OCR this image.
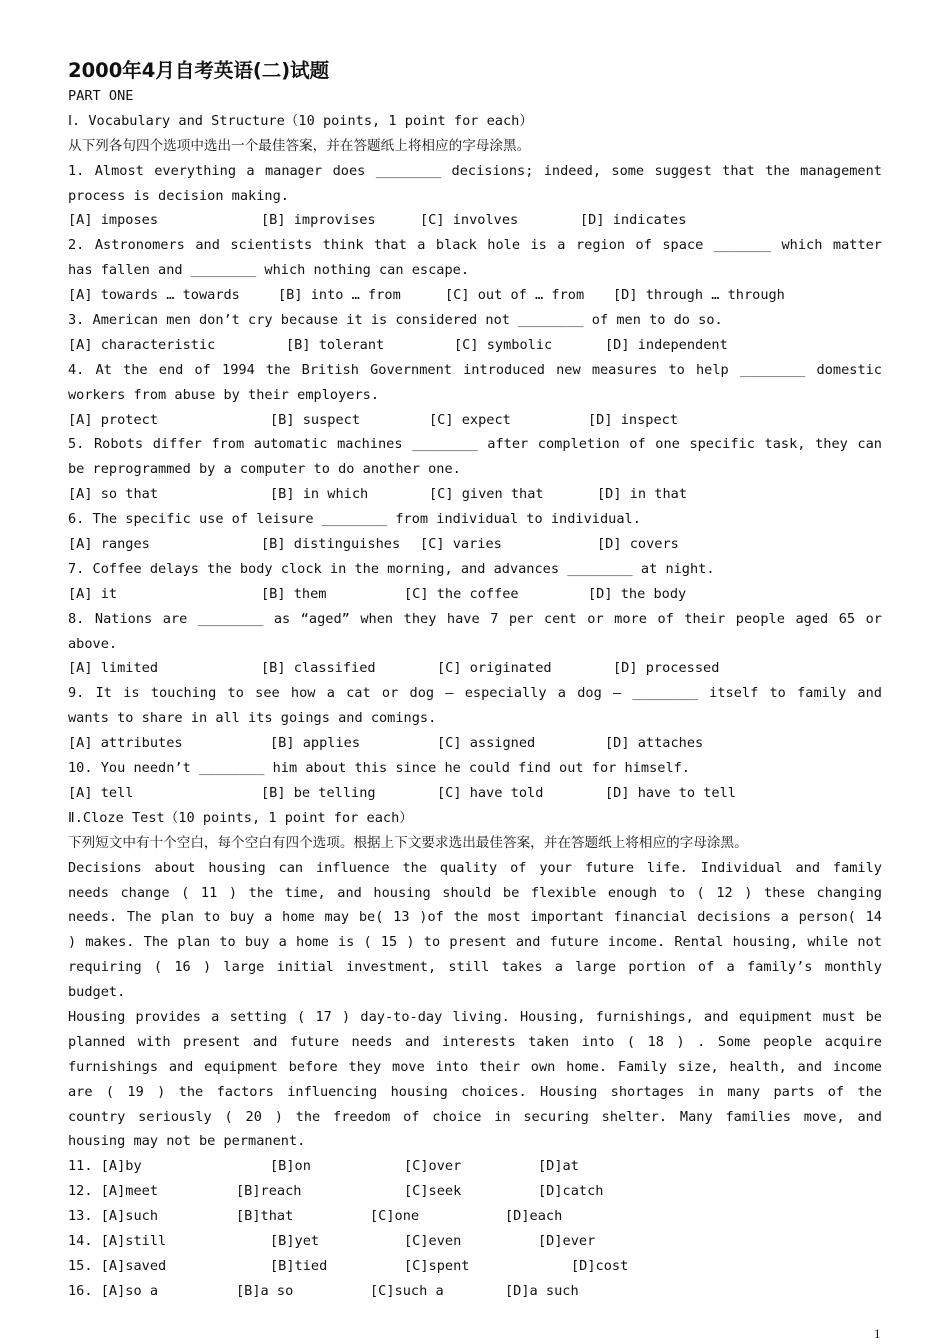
2000年4月自考英语(二)试题
PART ONE
Ⅰ. Vocabulary and Structure（10 points, 1 point for each）
从下列各句四个选项中选出一个最佳答案，并在答题纸上将相应的字母涂黑。
1. Almost everything a manager does ________ decisions; indeed, some suggest that the management
process is decision making.
[A] imposes	[B] improvises	[C] involves	[D] indicates
2. Astronomers and scientists think that a black hole is a region of space _______ which matter
has fallen and ________ which nothing can escape.
[A] towards … towards	[B] into … from	[C] out of … from [D] through … through
3. American men don’t cry because it is considered not ________ of men to do so.
[A] characteristic	[B] tolerant	[C] symbolic	[D] independent
4. At the end of 1994 the British Government introduced new measures to help ________ domestic
workers from abuse by their employers.
[A] protect	[B] suspect	[C] expect	[D] inspect
5. Robots differ from automatic machines ________ after completion of one specific task, they can
be reprogrammed by a computer to do another one.
[A] so that	[B] in which	[C] given that	[D] in that
6. The specific use of leisure ________ from individual to individual.
[A] ranges	[B] distinguishes [C] varies	[D] covers
7. Coffee delays the body clock in the morning, and advances ________ at night.
[A] it	[B] them	[C] the coffee	[D] the body
8. Nations are ________ as “aged” when they have 7 per cent or more of their people aged 65 or
above.
[A] limited	[B] classified	[C] originated	[D] processed
9. It is touching to see how a cat or dog — especially a dog — ________ itself to family and
wants to share in all its goings and comings.
[A] attributes	[B] applies	[C] assigned	[D] attaches
10. You needn’t ________ him about this since he could find out for himself.
[A] tell	[B] be telling	[C] have told	[D] have to tell
Ⅱ.Cloze Test（10 points, 1 point for each）
下列短文中有十个空白，每个空白有四个选项。根据上下文要求选出最佳答案，并在答题纸上将相应的字母涂黑。
Decisions about housing can influence the quality of your future life. Individual and family
needs change ( 11 ) the time, and housing should be flexible enough to ( 12 ) these changing
needs. The plan to buy a home may be( 13 )of the most important financial decisions a person( 14
) makes. The plan to buy a home is ( 15 ) to present and future income. Rental housing, while not
requiring ( 16 ) large initial investment, still takes a large portion of a family’s monthly
budget.
Housing provides a setting ( 17 ) day-to-day living. Housing, furnishings, and equipment must be
planned with present and future needs and interests taken into ( 18 ) . Some people acquire
furnishings and equipment before they move into their own home. Family size, health, and income
are ( 19 ) the factors influencing housing choices. Housing shortages in many parts of the
country seriously ( 20 ) the freedom of choice in securing shelter. Many families move, and
housing may not be permanent.
11. [A]by	[B]on	[C]over	[D]at
12. [A]meet	[B]reach	[C]seek	[D]catch
13. [A]such	[B]that	[C]one	[D]each
14. [A]still	[B]yet	[C]even	[D]ever
15. [A]saved	[B]tied	[C]spent	[D]cost
16. [A]so a	[B]a so	[C]such a	[D]a such
1
